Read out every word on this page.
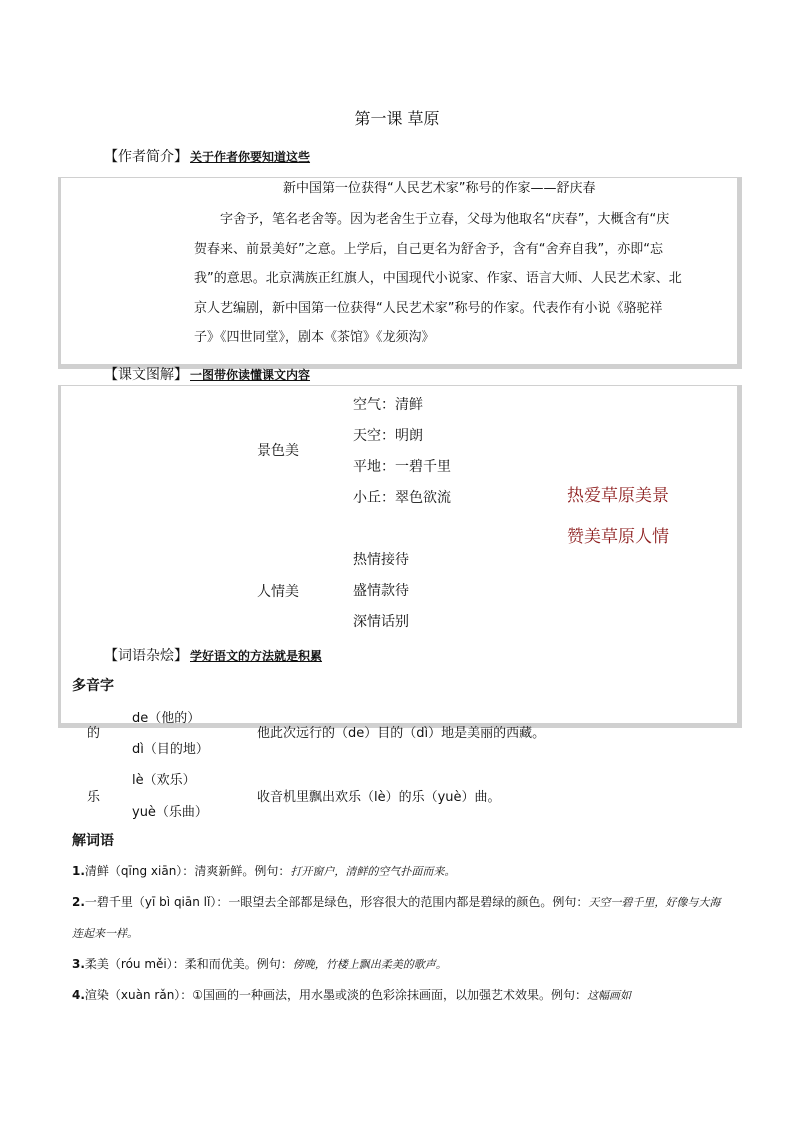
第一课 草原
【作者简介】 关于作者你要知道这些
新中国第一位获得“人民艺术家”称号的作家——舒庆春

字舍予，笔名老舍等。因为老舍生于立春，父母为他取名“庆春”，大概含有“庆

贺春来、前景美好”之意。上学后，自己更名为舒舍予，含有“舍弃自我”，亦即“忘

我”的意思。北京满族正红旗人，中国现代小说家、作家、语言大师、人民艺术家、北

京人艺编剧，新中国第一位获得“人民艺术家”称号的作家。代表作有小说《骆驼祥

子》《四世同堂》，剧本《茶馆》《龙须沟》

【课文图解】 一图带你读懂课文内容
景色美
空气：清鲜
天空：明朗
平地：一碧千里
小丘：翠色欲流	热爱草原美景
赞美草原人情
人情美
热情接待
盛情款待
深情话别
【词语杂烩】 学好语文的方法就是积累
多音字
的
de（他的）
dì（目的地）
他此次远行的（de）目的（dì）地是美丽的西藏。
乐
lè（欢乐）
yuè（乐曲）
收音机里飘出欢乐（lè）的乐（yuè）曲。
解词语
1.清鲜（qīng xiān）：清爽新鲜。例句：打开窗户，清鲜的空气扑面而来。
2.一碧千里（yī bì qiān lǐ）：一眼望去全部都是绿色，形容很大的范围内都是碧绿的颜色。例句：天空一碧千里，好像与大海连起来一样。
3.柔美（róu měi）：柔和而优美。例句：傍晚，竹楼上飘出柔美的歌声。
4.渲染（xuàn rǎn）：①国画的一种画法，用水墨或淡的色彩涂抹画面，以加强艺术效果。例句：这幅画如
